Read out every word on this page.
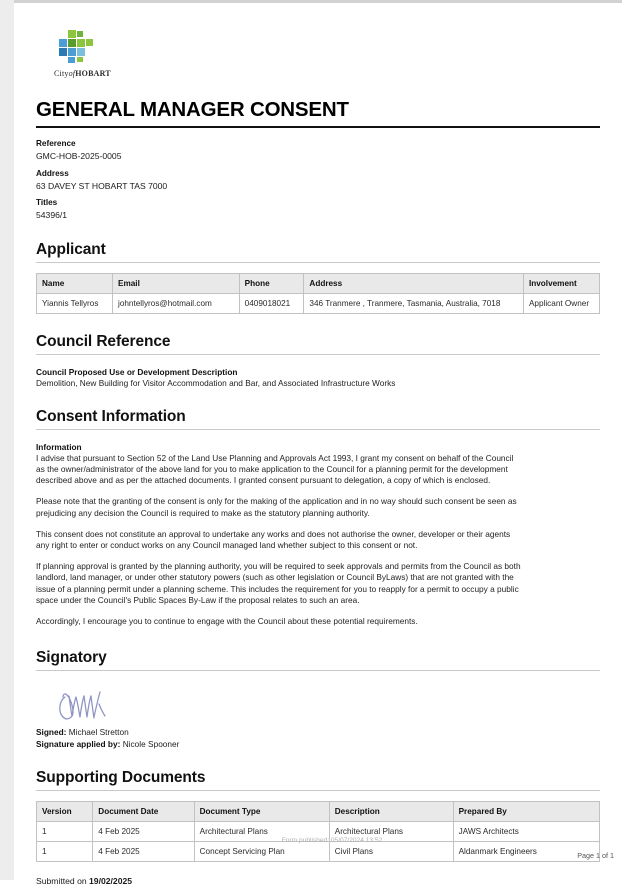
CityofHOBART
GENERAL MANAGER CONSENT
Reference
GMC-HOB-2025-0005
Address
63 DAVEY ST HOBART TAS 7000
Titles
54396/1
Applicant
Name	Email	Phone	Address	Involvement
Yiannis Tellyros	johntellyros@hotmail.com	0409018021	346 Tranmere , Tranmere, Tasmania, Australia, 7018	Applicant Owner
Council Reference
Council Proposed Use or Development Description
Demolition, New Building for Visitor Accommodation and Bar, and Associated Infrastructure Works
Consent Information
Information
I advise that pursuant to Section 52 of the Land Use Planning and Approvals Act 1993, I grant my consent on behalf of the Council
as the owner/administrator of the above land for you to make application to the Council for a planning permit for the development
described above and as per the attached documents. I granted consent pursuant to delegation, a copy of which is enclosed.
Please note that the granting of the consent is only for the making of the application and in no way should such consent be seen as
prejudicing any decision the Council is required to make as the statutory planning authority.
This consent does not constitute an approval to undertake any works and does not authorise the owner, developer or their agents
any right to enter or conduct works on any Council managed land whether subject to this consent or not.
If planning approval is granted by the planning authority, you will be required to seek approvals and permits from the Council as both
landlord, land manager, or under other statutory powers (such as other legislation or Council ByLaws) that are not granted with the
issue of a planning permit under a planning scheme. This includes the requirement for you to reapply for a permit to occupy a public
space under the Council's Public Spaces By-Law if the proposal relates to such an area.
Accordingly, I encourage you to continue to engage with the Council about these potential requirements.
Signatory
Signed: Michael Stretton
Signature applied by: Nicole Spooner
Supporting Documents
Version	Document Date	Document Type	Description	Prepared By
1	4 Feb 2025	Architectural Plans	Architectural Plans	JAWS Architects
1	4 Feb 2025	Concept Servicing Plan	Civil Plans	Aldanmark Engineers
Submitted on 19/02/2025
Form published: 05/07/2024 13:52
Page 1 of 1
